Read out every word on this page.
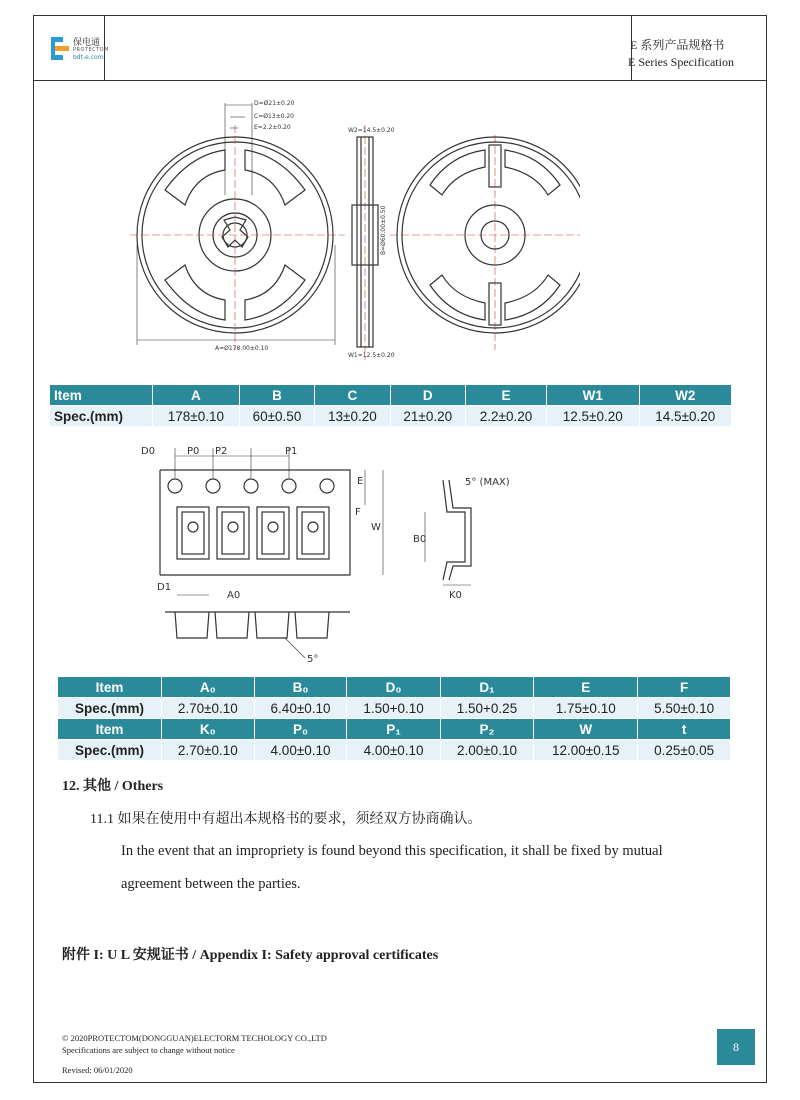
保电通
PROTECTOM
bdt-e.com
E 系列产品规格书
E Series Specification
D=Ø21±0.20
C=Ø13±0.20
E=2.2±0.20
A=Ø178.00±0.10
W2=14.5±0.20
W1=12.5±0.20
B=Ø60.00±0.50
Item	A	B	C	D	E	W1	W2
Spec.(mm)	178±0.10	60±0.50	13±0.20	21±0.20	2.2±0.20	12.5±0.20	14.5±0.20
D0	P0 P2	P1
E
F
W
D1
A0
5°
5° (MAX)
B0
K0
Item	A₀	B₀	D₀	D₁	E	F
Spec.(mm)	2.70±0.10	6.40±0.10	1.50+0.10	1.50+0.25	1.75±0.10	5.50±0.10
Item	K₀	P₀	P₁	P₂	W	t
Spec.(mm)	2.70±0.10	4.00±0.10	4.00±0.10	2.00±0.10	12.00±0.15	0.25±0.05
12. 其他 / Others
11.1 如果在使用中有超出本规格书的要求，须经双方协商确认。
In the event that an impropriety is found beyond this specification, it shall be fixed by mutual
agreement between the parties.
附件 I: U L 安规证书 / Appendix I: Safety approval certificates
© 2020PROTECTOM(DONGGUAN)ELECTORM TECHOLOGY CO.,LTD
Specifications are subject to change without notice
Revised: 06/01/2020
8
